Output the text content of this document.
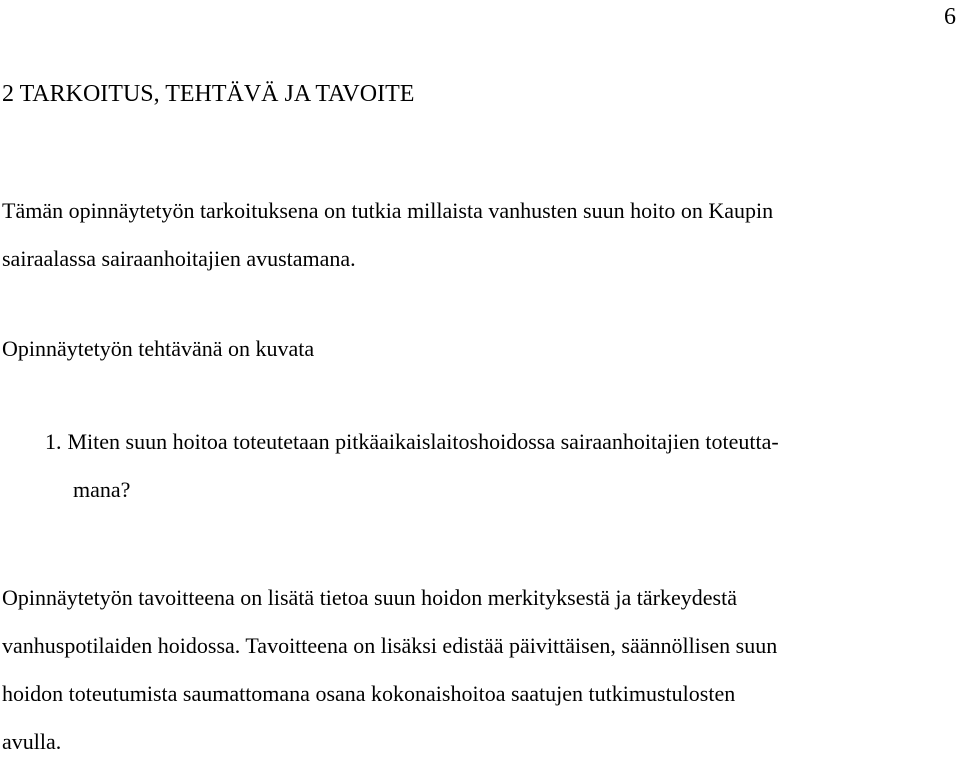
6
2 TARKOITUS, TEHTÄVÄ JA TAVOITE
Tämän opinnäytetyön tarkoituksena on tutkia millaista vanhusten suun hoito on Kaupin
sairaalassa sairaanhoitajien avustamana.
Opinnäytetyön tehtävänä on kuvata
1. Miten suun hoitoa toteutetaan pitkäaikaislaitoshoidossa sairaanhoitajien toteutta-
mana?
Opinnäytetyön tavoitteena on lisätä tietoa suun hoidon merkityksestä ja tärkeydestä
vanhuspotilaiden hoidossa. Tavoitteena on lisäksi edistää päivittäisen, säännöllisen suun
hoidon toteutumista saumattomana osana kokonaishoitoa saatujen tutkimustulosten
avulla.
